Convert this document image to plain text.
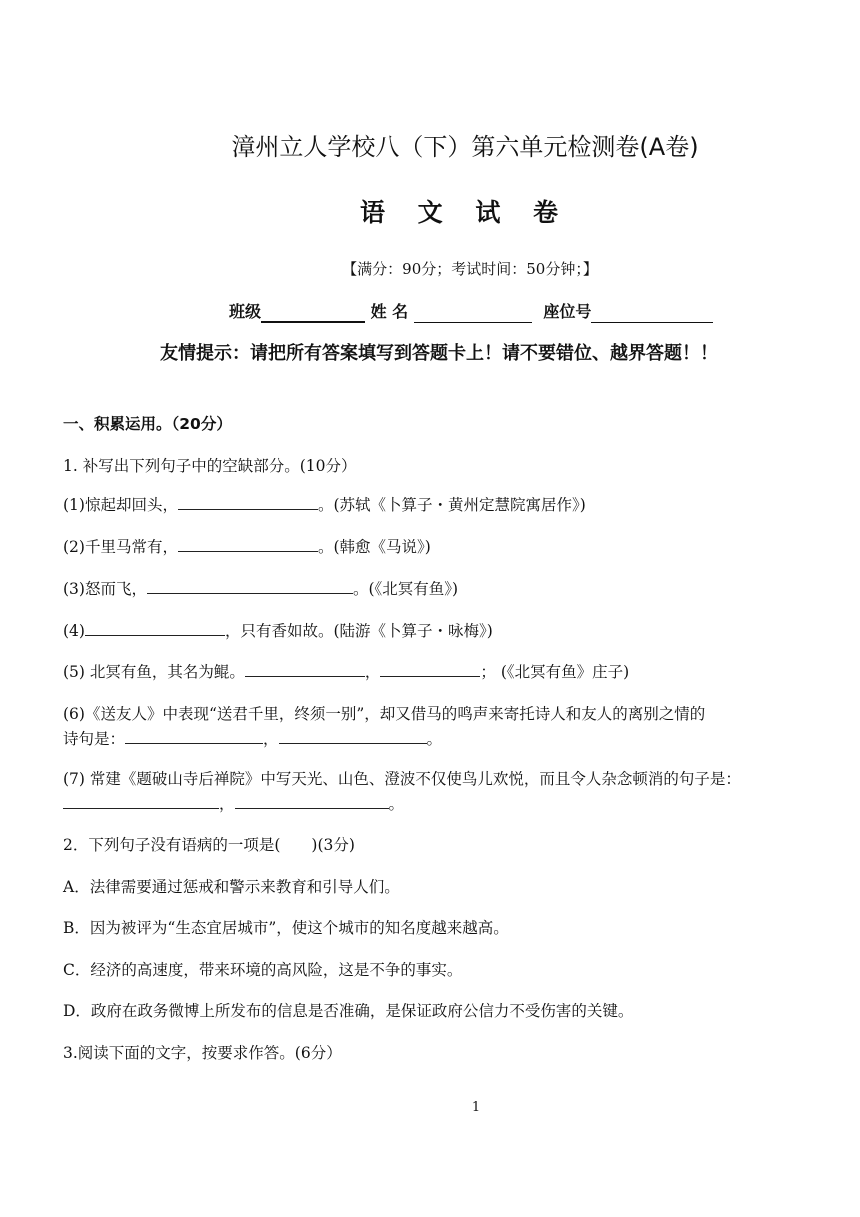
漳州立人学校八（下）第六单元检测卷(A卷)
语 文 试 卷
【满分：90分；考试时间：50分钟；】
班级	姓 名	座位号
友情提示：请把所有答案填写到答题卡上！请不要错位、越界答题！！
一、积累运用。（20分）
1. 补写出下列句子中的空缺部分。(10分）
(1)惊起却回头，	。(苏轼《卜算子・黄州定慧院寓居作》)
(2)千里马常有，	。(韩愈《马说》)
(3)怒而飞，	。(《北冥有鱼》)
(4)	，只有香如故。(陆游《卜算子・咏梅》)
(5) 北冥有鱼，其名为鲲。	，	； (《北冥有鱼》庄子)
(6)《送友人》中表现“送君千里，终须一别”，却又借马的鸣声来寄托诗人和友人的离别之情的
诗句是：	，	。
(7) 常建《题破山寺后禅院》中写天光、山色、澄波不仅使鸟儿欢悦，而且令人杂念顿消的句子是：
，	。
2．下列句子没有语病的一项是(　　)(3分)
A．法律需要通过惩戒和警示来教育和引导人们。
B．因为被评为“生态宜居城市”，使这个城市的知名度越来越高。
C．经济的高速度，带来环境的高风险，这是不争的事实。
D．政府在政务微博上所发布的信息是否准确，是保证政府公信力不受伤害的关键。
3.阅读下面的文字，按要求作答。(6分）
1
